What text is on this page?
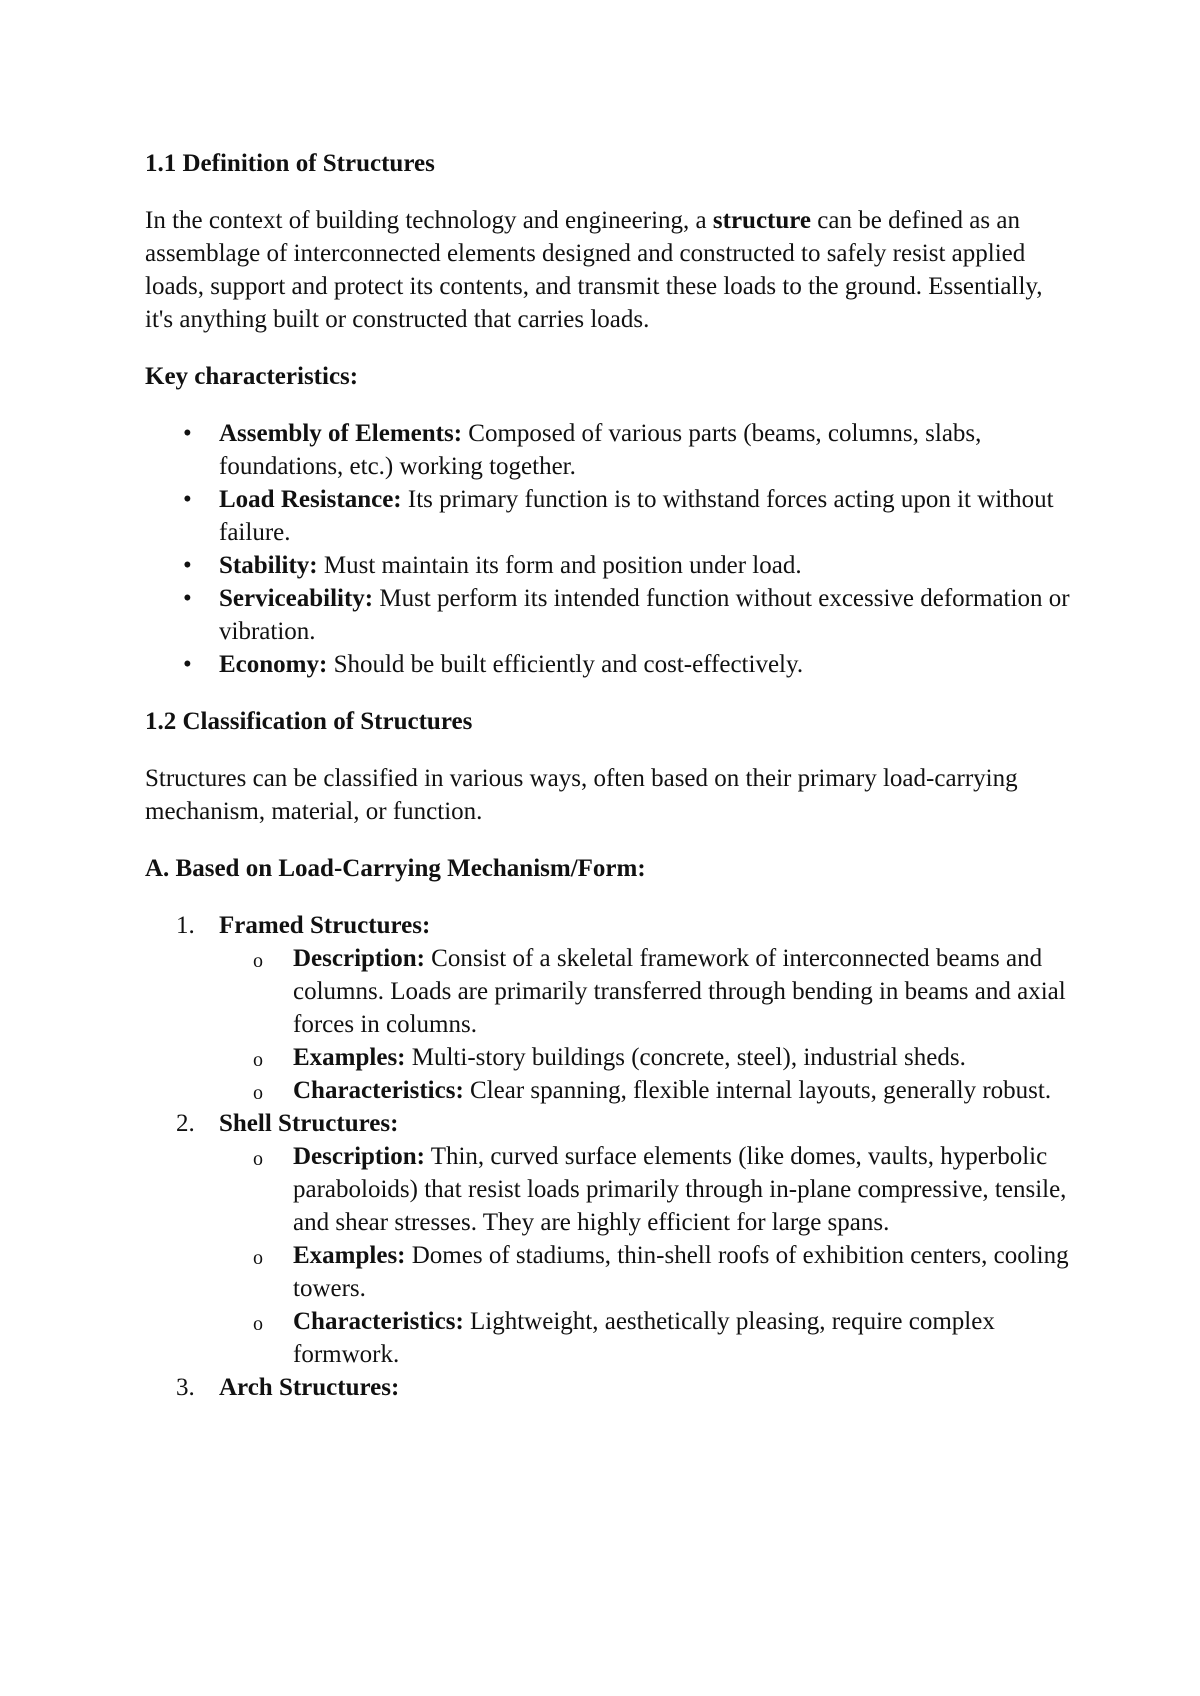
1.1 Definition of Structures
In the context of building technology and engineering, a structure can be defined as an assemblage of interconnected elements designed and constructed to safely resist applied loads, support and protect its contents, and transmit these loads to the ground. Essentially, it's anything built or constructed that carries loads.
Key characteristics:
• Assembly of Elements: Composed of various parts (beams, columns, slabs, foundations, etc.) working together.
• Load Resistance: Its primary function is to withstand forces acting upon it without failure.
• Stability: Must maintain its form and position under load.
• Serviceability: Must perform its intended function without excessive deformation or vibration.
• Economy: Should be built efficiently and cost-effectively.
1.2 Classification of Structures
Structures can be classified in various ways, often based on their primary load-carrying mechanism, material, or function.
A. Based on Load-Carrying Mechanism/Form:
1. Framed Structures:
o Description: Consist of a skeletal framework of interconnected beams and columns. Loads are primarily transferred through bending in beams and axial forces in columns.
o Examples: Multi-story buildings (concrete, steel), industrial sheds.
o Characteristics: Clear spanning, flexible internal layouts, generally robust.
2. Shell Structures:
o Description: Thin, curved surface elements (like domes, vaults, hyperbolic paraboloids) that resist loads primarily through in-plane compressive, tensile, and shear stresses. They are highly efficient for large spans.
o Examples: Domes of stadiums, thin-shell roofs of exhibition centers, cooling towers.
o Characteristics: Lightweight, aesthetically pleasing, require complex formwork.
3. Arch Structures:
